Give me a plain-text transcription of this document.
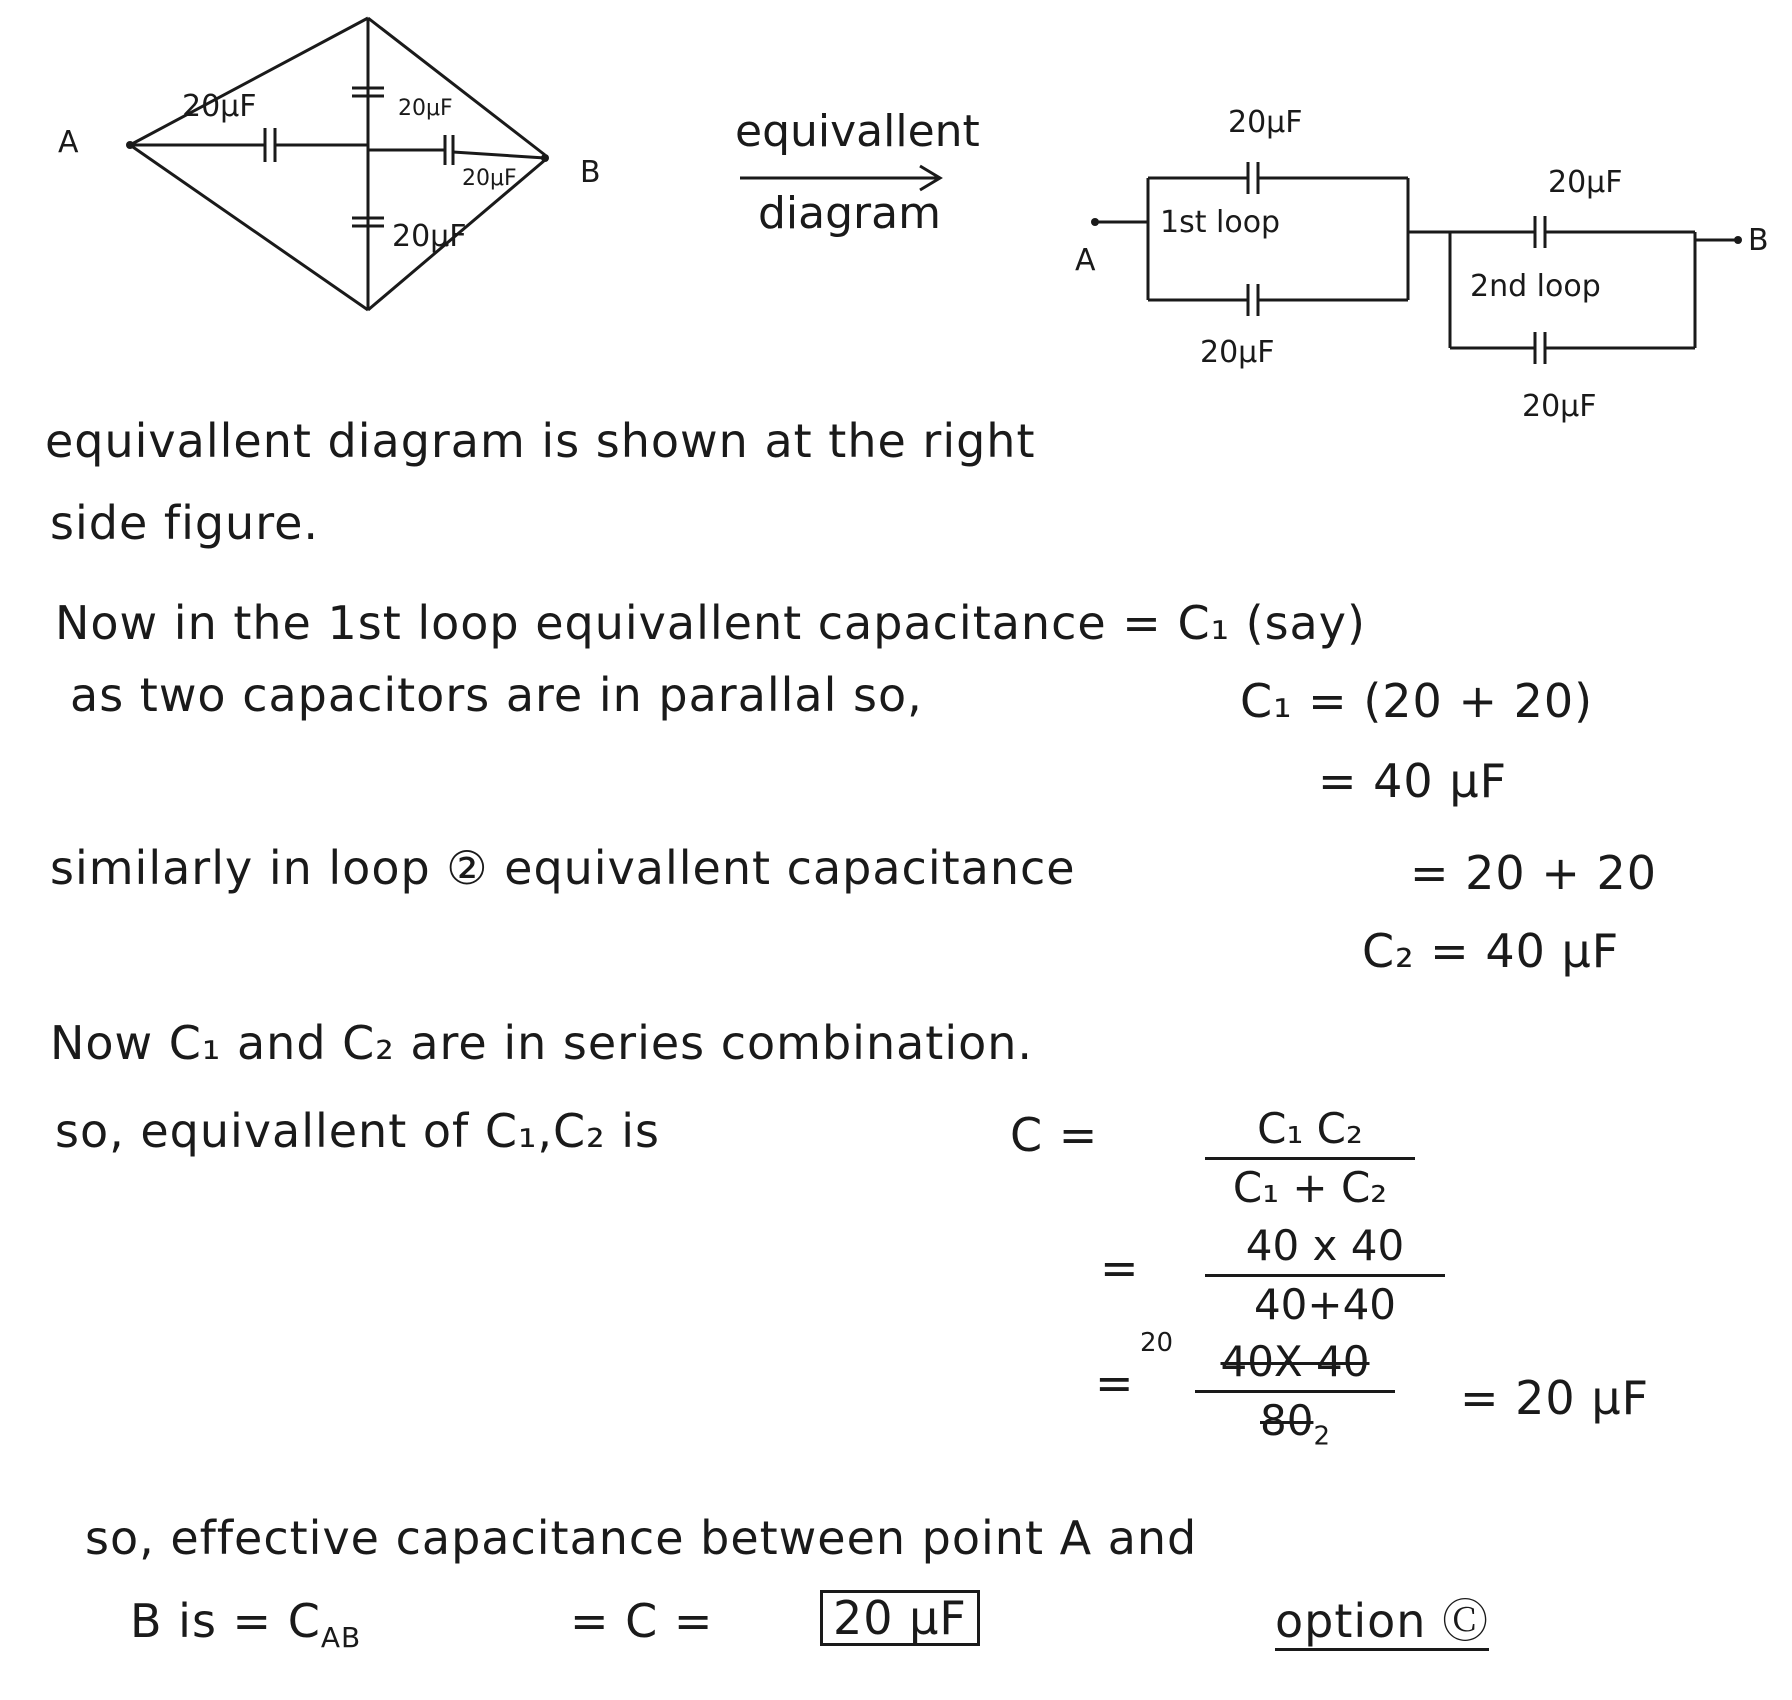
A
B
20μF	20μF
20μF
20μF
equivallent
diagram
A
B
20μF
1st loop
20μF
20μF
2nd loop
20μF
equivallent diagram is shown at the right
side figure.
Now in the 1st loop equivallent capacitance = C₁ (say)
as two capacitors are in parallal so,	C₁ = (20 + 20)
= 40 μF
similarly in loop ② equivallent capacitance	= 20 + 20
C₂ = 40 μF
Now C₁ and C₂ are in series combination.
so, equivallent of C₁,C₂ is	C =	C₁ C₂
C₁ + C₂
=	40 x 40
40+40
=
20	40X 40
$80_2$
= 20 μF
so, effective capacitance between point A and
B is = $C_{AB}$	= C =	20 μF	option Ⓒ
